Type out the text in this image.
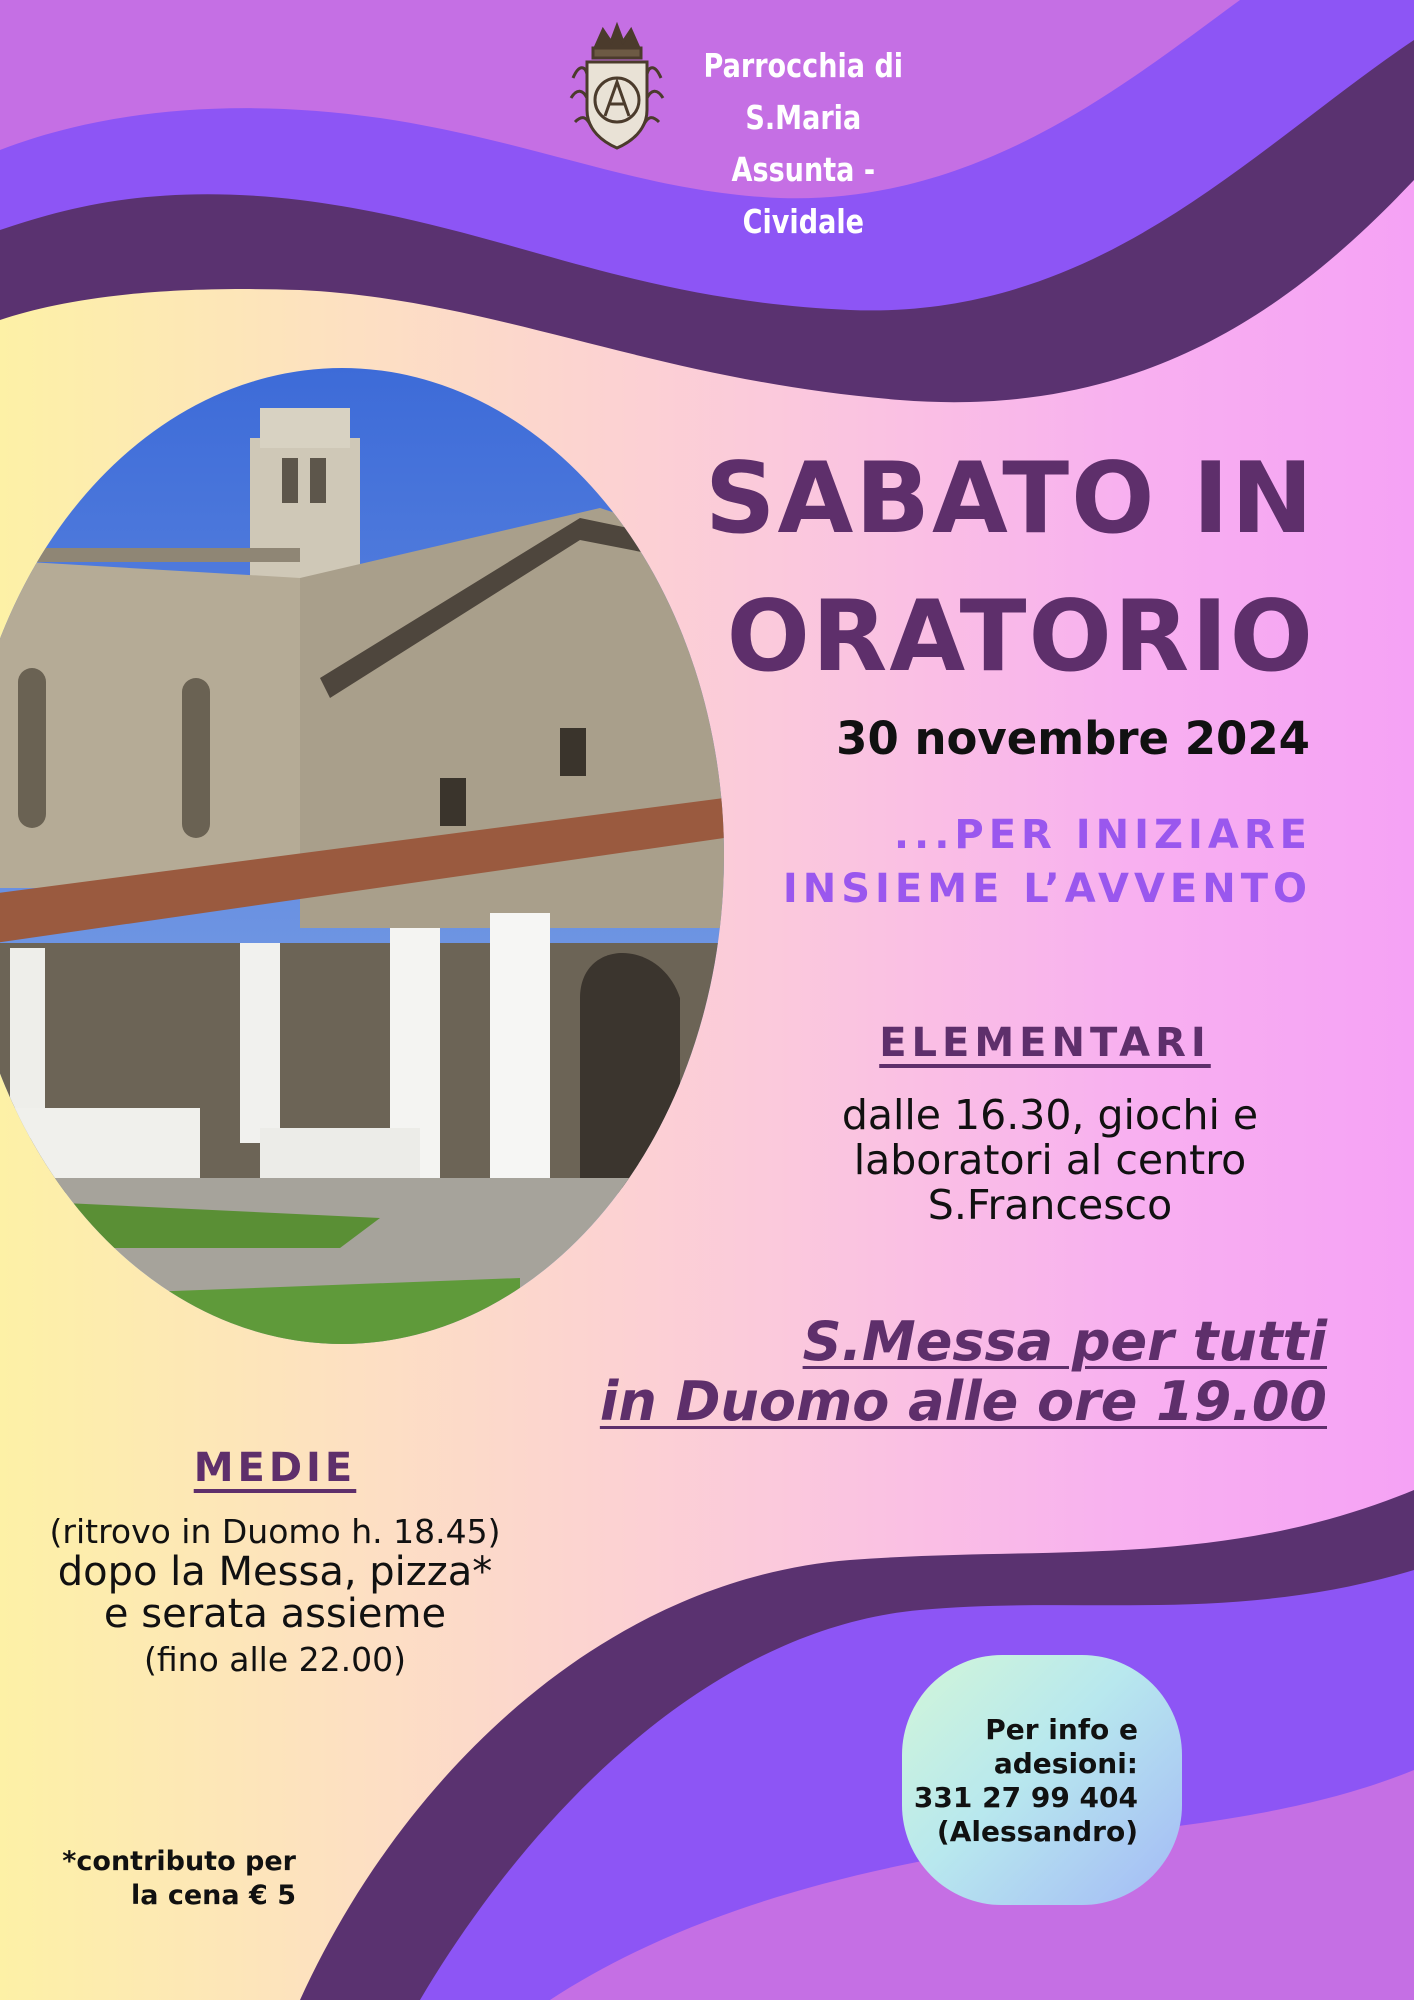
Parrocchia di S.Maria
Assunta - Cividale
SABATO IN
ORATORIO
30 novembre 2024
...PER INIZIARE
INSIEME L’AVVENTO
ELEMENTARI
dalle 16.30, giochi e
laboratori al centro
S.Francesco
S.Messa per tutti
in Duomo alle ore 19.00
MEDIE
(ritrovo in Duomo h. 18.45)
dopo la Messa, pizza*
e serata assieme
(fino alle 22.00)
Per info e
adesioni:
331 27 99 404
(Alessandro)
*contributo per
la cena € 5
